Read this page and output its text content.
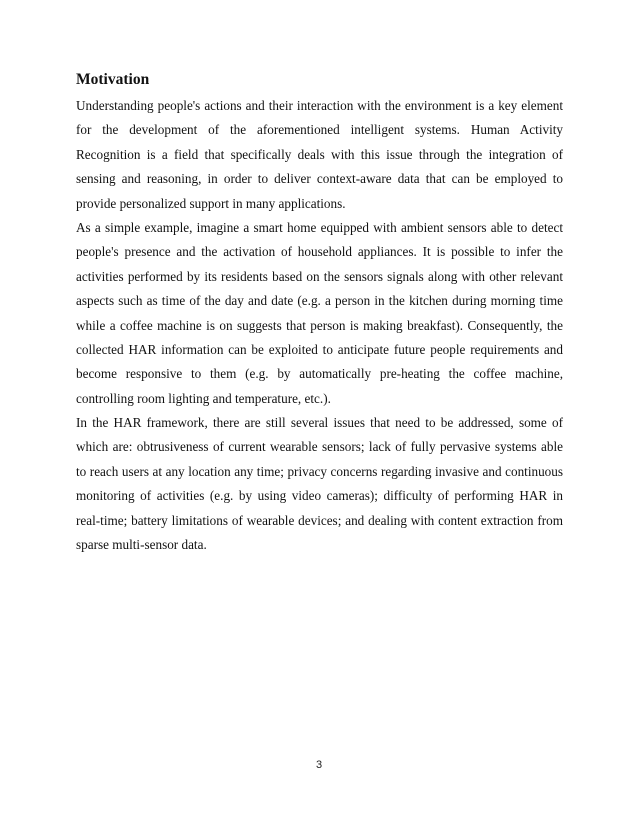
Motivation
Understanding people's actions and their interaction with the environment is a key element
for the development of the aforementioned intelligent systems. Human Activity
Recognition is a field that specifically deals with this issue through the integration of
sensing and reasoning, in order to deliver context-aware data that can be employed to
provide personalized support in many applications.
As a simple example, imagine a smart home equipped with ambient sensors able to detect
people's presence and the activation of household appliances. It is possible to infer the
activities performed by its residents based on the sensors signals along with other relevant
aspects such as time of the day and date (e.g. a person in the kitchen during morning time
while a coffee machine is on suggests that person is making breakfast). Consequently, the
collected HAR information can be exploited to anticipate future people requirements and
become responsive to them (e.g. by automatically pre-heating the coffee machine,
controlling room lighting and temperature, etc.).
In the HAR framework, there are still several issues that need to be addressed, some of
which are: obtrusiveness of current wearable sensors; lack of fully pervasive systems able
to reach users at any location any time; privacy concerns regarding invasive and continuous
monitoring of activities (e.g. by using video cameras); difficulty of performing HAR in
real-time; battery limitations of wearable devices; and dealing with content extraction from
sparse multi-sensor data.
3
